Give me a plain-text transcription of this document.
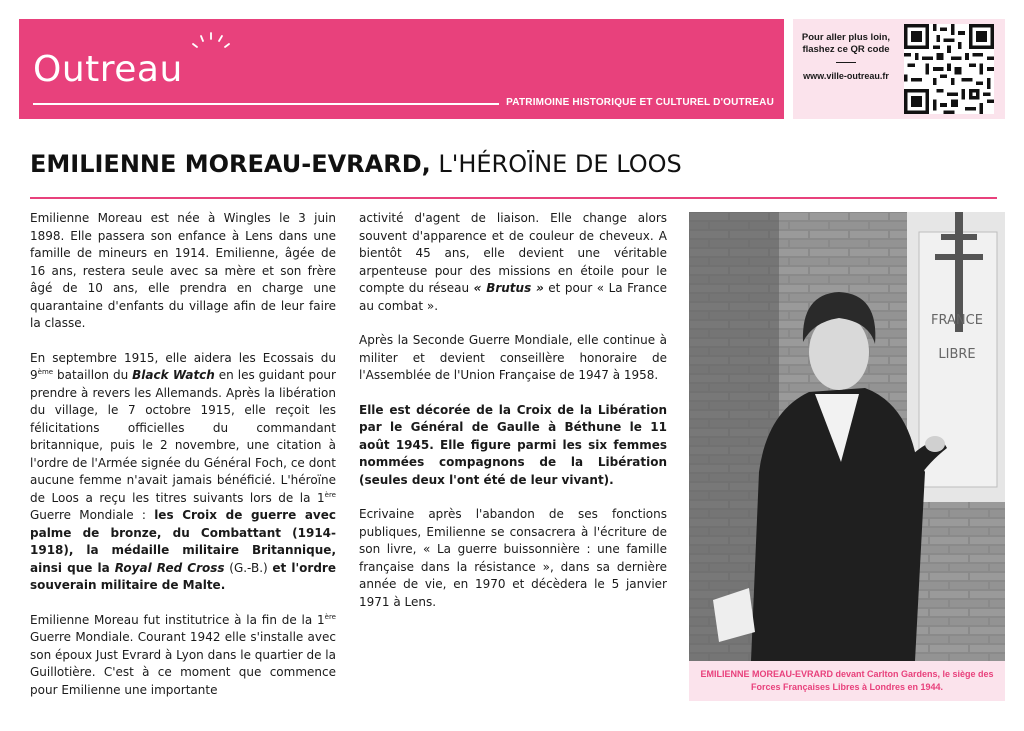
Outreau
PATRIMOINE HISTORIQUE ET CULTUREL D'OUTREAU
Pour aller plus loin, flashez ce QR code
www.ville-outreau.fr
EMILIENNE MOREAU-EVRARD, L'HÉROÏNE DE LOOS

Emilienne Moreau est née à Wingles le 3 juin 1898. Elle passera son enfance à Lens dans une famille de mineurs en 1914. Emilienne, âgée de 16 ans, restera seule avec sa mère et son frère âgé de 10 ans, elle prendra en charge une quarantaine d'enfants du village afin de leur faire la classe.

En septembre 1915, elle aidera les Ecossais du 9ème bataillon du Black Watch en les guidant pour prendre à revers les Allemands. Après la libération du village, le 7 octobre 1915, elle reçoit les félicitations officielles du commandant britannique, puis le 2 novembre, une citation à l'ordre de l'Armée signée du Général Foch, ce dont aucune femme n'avait jamais bénéficié. L'héroïne de Loos a reçu les titres suivants lors de la 1ère Guerre Mondiale : les Croix de guerre avec palme de bronze, du Combattant (1914-1918), la médaille militaire Britannique, ainsi que la Royal Red Cross (G.-B.) et l'ordre souverain militaire de Malte.

Emilienne Moreau fut institutrice à la fin de la 1ère Guerre Mondiale. Courant 1942 elle s'installe avec son époux Just Evrard à Lyon dans le quartier de la Guillotière. C'est à ce moment que commence pour Emilienne une importante

activité d'agent de liaison. Elle change alors souvent d'apparence et de couleur de cheveux. A bientôt 45 ans, elle devient une véritable arpenteuse pour des missions en étoile pour le compte du réseau « Brutus » et pour « La France au combat ».

Après la Seconde Guerre Mondiale, elle continue à militer et devient conseillère honoraire de l'Assemblée de l'Union Française de 1947 à 1958.

Elle est décorée de la Croix de la Libération par le Général de Gaulle à Béthune le 11 août 1945. Elle figure parmi les six femmes nommées compagnons de la Libération (seules deux l'ont été de leur vivant).

Ecrivaine après l'abandon de ses fonctions publiques, Emilienne se consacrera à l'écriture de son livre, « La guerre buissonnière : une famille française dans la résistance », dans sa dernière année de vie, en 1970 et décèdera le 5 janvier 1971 à Lens.

FRANCE
LIBRE
EMILIENNE MOREAU-EVRARD devant Carlton Gardens, le siège des Forces Françaises Libres à Londres en 1944.
